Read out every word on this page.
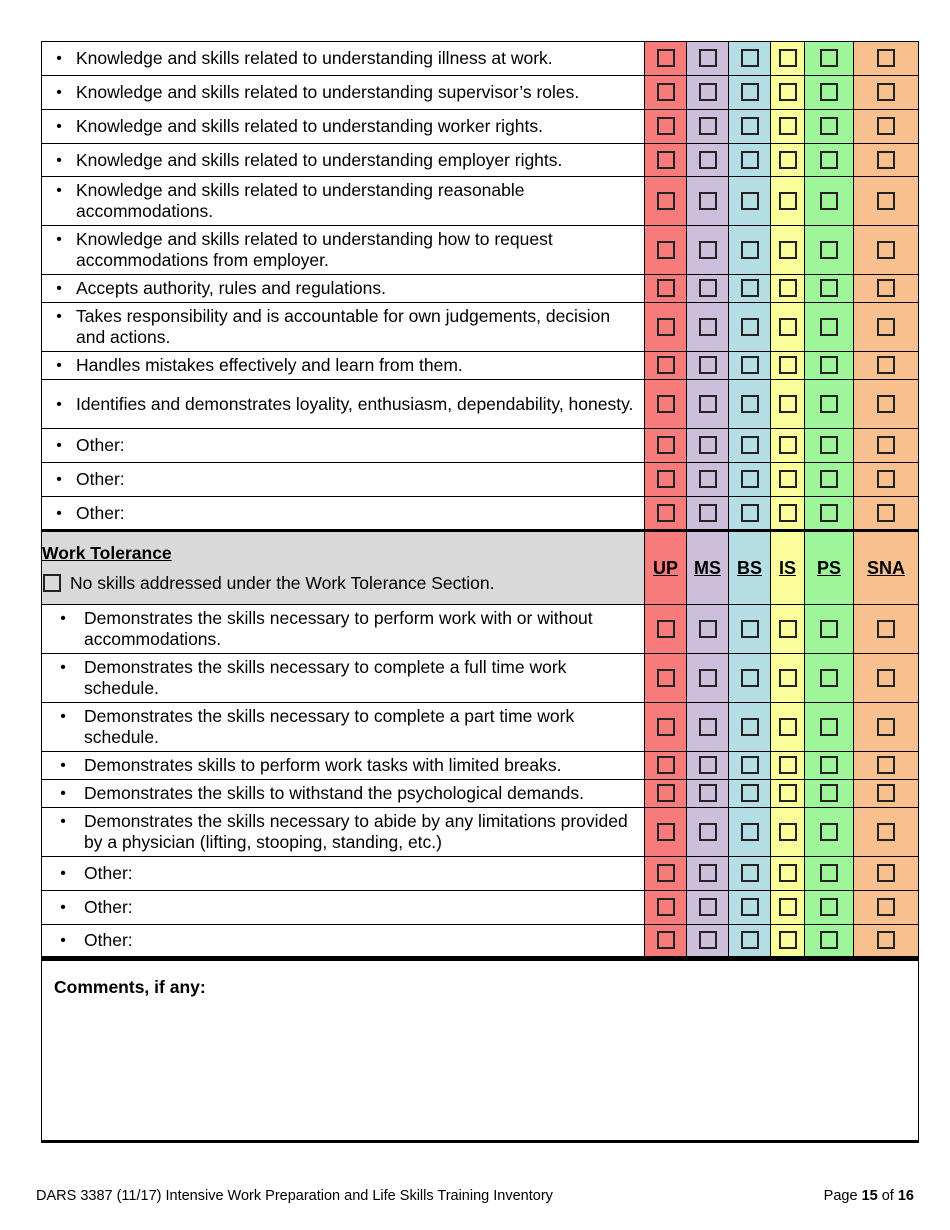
• Knowledge and skills related to understanding illness at work.						

• Knowledge and skills related to understanding supervisor’s roles.						

• Knowledge and skills related to understanding worker rights.						

• Knowledge and skills related to understanding employer rights.						

• Knowledge and skills related to understanding reasonable accommodations.						

• Knowledge and skills related to understanding how to request accommodations from employer.						

• Accepts authority, rules and regulations.						

• Takes responsibility and is accountable for own judgements, decision and actions.						

• Handles mistakes effectively and learn from them.						

• Identifies and demonstrates loyality, enthusiasm, dependability, honesty.						

• Other:						

• Other:						

• Other:						

Work Tolerance
No skills addressed under the Work Tolerance Section.	UP	MS	BS	IS	PS	SNA

• Demonstrates the skills necessary to perform work with or without accommodations.						

• Demonstrates the skills necessary to complete a full time work schedule.						

• Demonstrates the skills necessary to complete a part time work schedule.						

• Demonstrates skills to perform work tasks with limited breaks.						

• Demonstrates the skills to withstand the psychological demands.						

• Demonstrates the skills necessary to abide by any limitations provided by a physician (lifting, stooping, standing, etc.)						

• Other:						

• Other:						

• Other:						

Comments, if any:						
DARS 3387 (11/17) Intensive Work Preparation and Life Skills Training Inventory	Page 15 of 16
